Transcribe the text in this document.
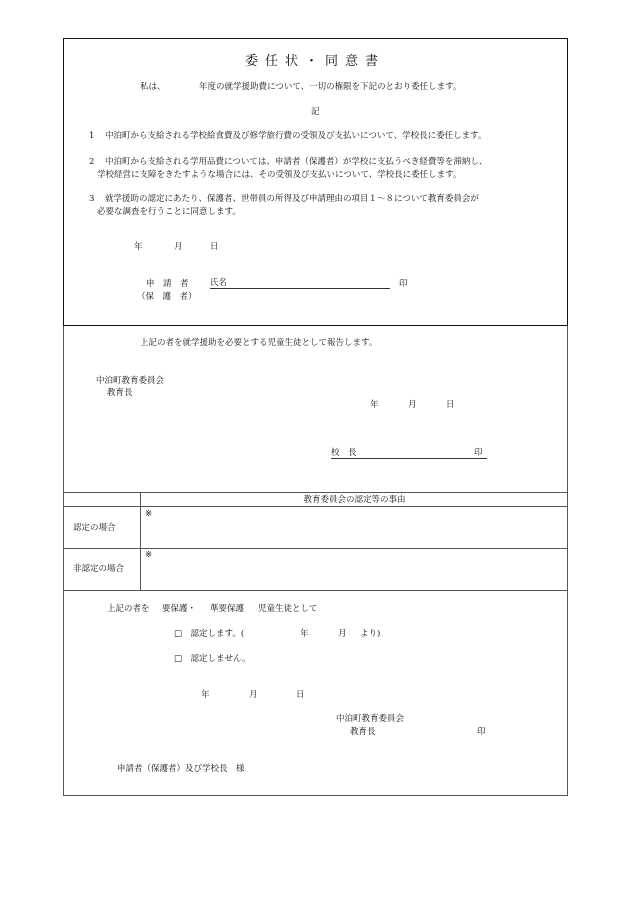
委任状・同意書
私は、	年度の就学援助費について、一切の権限を下記のとおり委任します。
記
1 中泊町から支給される学校給食費及び修学旅行費の受領及び支払いについて、学校長に委任します。
2 中泊町から支給される学用品費については、申請者（保護者）が学校に支払うべき経費等を滞納し、
学校経営に支障をきたすような場合には、その受領及び支払いについて、学校長に委任します。
3 就学援助の認定にあたり、保護者、世帯員の所得及び申請理由の項目１～８について教育委員会が
必要な調査を行うことに同意します。
年	月	日
申　請　者
（保　護　者）
氏名	印
上記の者を就学援助を必要とする児童生徒として報告します。
中泊町教育委員会
教育長
年	月	日
校　長	印
教育委員会の認定等の事由
認定の場合
※
非認定の場合
※
上記の者を 要保護・ 準要保護 児童生徒として
□　認定します。(	年	月 より)
□　認定しません。
年	月	日
中泊町教育委員会
教育長	印
申請者（保護者）及び学校長　様
